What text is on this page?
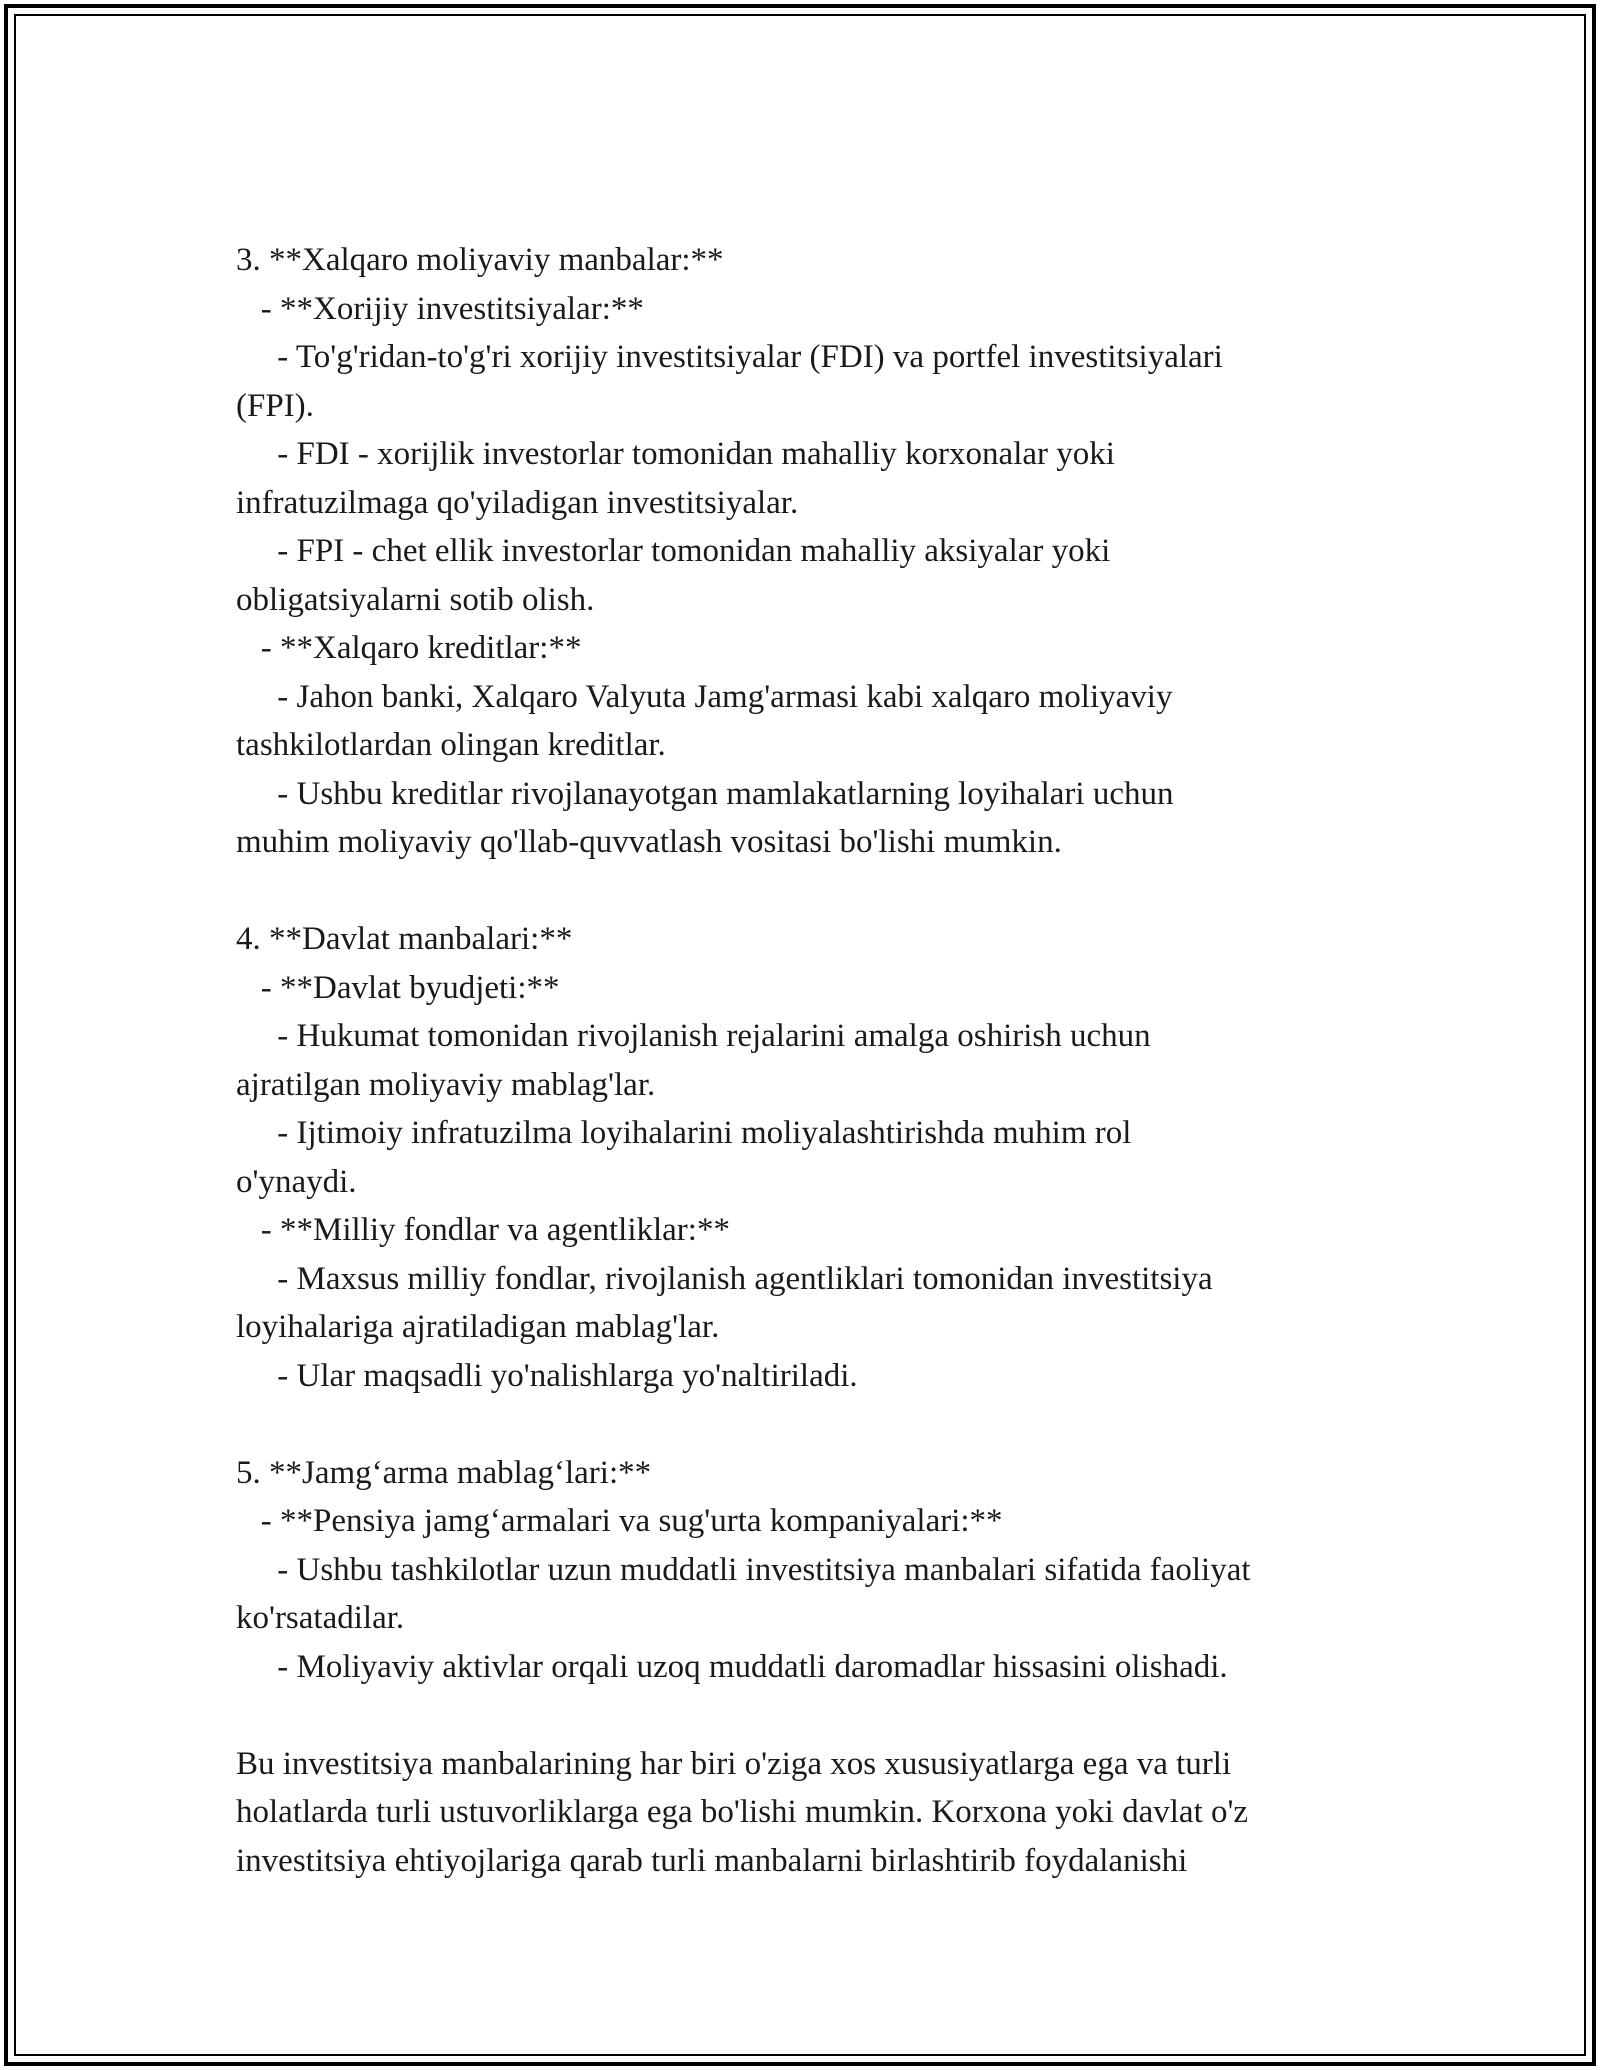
3. **Xalqaro moliyaviy manbalar:**
- **Xorijiy investitsiyalar:**
- To'g'ridan-to'g'ri xorijiy investitsiyalar (FDI) va portfel investitsiyalari
(FPI).
- FDI - xorijlik investorlar tomonidan mahalliy korxonalar yoki
infratuzilmaga qo'yiladigan investitsiyalar.
- FPI - chet ellik investorlar tomonidan mahalliy aksiyalar yoki
obligatsiyalarni sotib olish.
- **Xalqaro kreditlar:**
- Jahon banki, Xalqaro Valyuta Jamg'armasi kabi xalqaro moliyaviy
tashkilotlardan olingan kreditlar.
- Ushbu kreditlar rivojlanayotgan mamlakatlarning loyihalari uchun
muhim moliyaviy qo'llab-quvvatlash vositasi bo'lishi mumkin.
4. **Davlat manbalari:**
- **Davlat byudjeti:**
- Hukumat tomonidan rivojlanish rejalarini amalga oshirish uchun
ajratilgan moliyaviy mablag'lar.
- Ijtimoiy infratuzilma loyihalarini moliyalashtirishda muhim rol
o'ynaydi.
- **Milliy fondlar va agentliklar:**
- Maxsus milliy fondlar, rivojlanish agentliklari tomonidan investitsiya
loyihalariga ajratiladigan mablag'lar.
- Ular maqsadli yo'nalishlarga yo'naltiriladi.
5. **Jamg‘arma mablag‘lari:**
- **Pensiya jamg‘armalari va sug'urta kompaniyalari:**
- Ushbu tashkilotlar uzun muddatli investitsiya manbalari sifatida faoliyat
ko'rsatadilar.
- Moliyaviy aktivlar orqali uzoq muddatli daromadlar hissasini olishadi.
Bu investitsiya manbalarining har biri o'ziga xos xususiyatlarga ega va turli
holatlarda turli ustuvorliklarga ega bo'lishi mumkin. Korxona yoki davlat o'z
investitsiya ehtiyojlariga qarab turli manbalarni birlashtirib foydalanishi
